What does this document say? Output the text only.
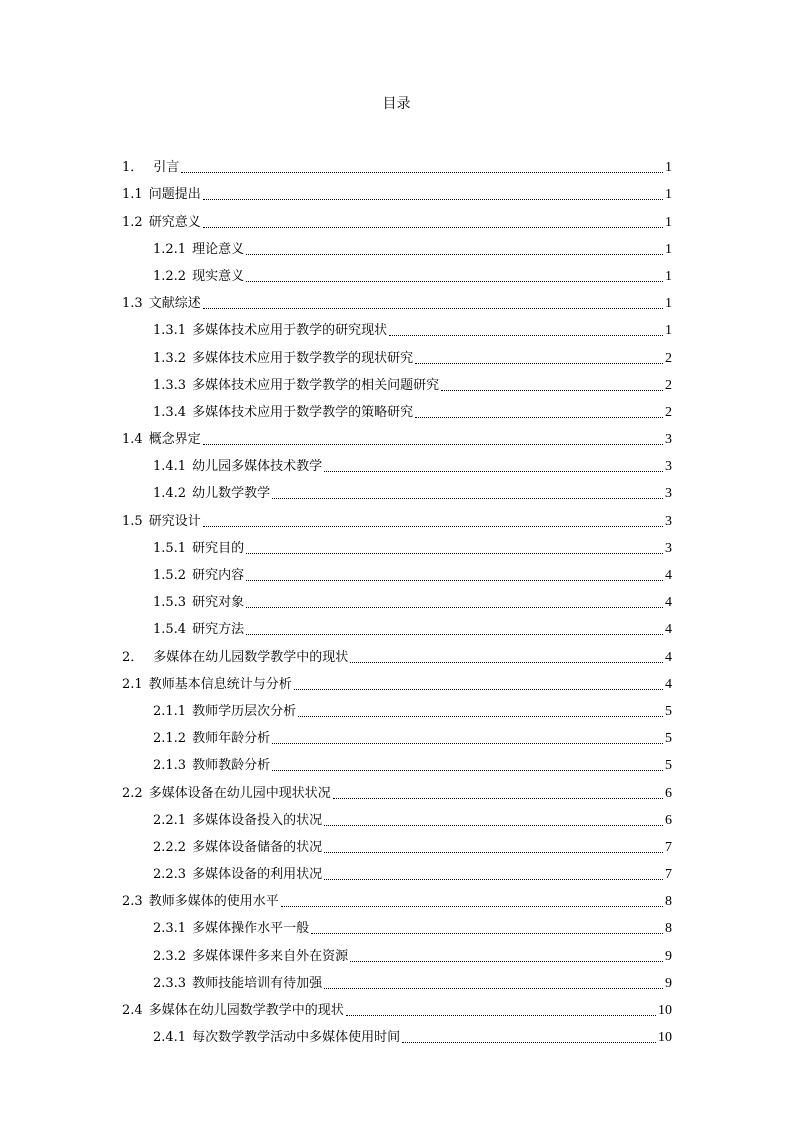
目录
1． 引言	1
1.1 问题提出	1
1.2 研究意义	1
1.2.1 理论意义	1
1.2.2 现实意义	1
1.3 文献综述	1
1.3.1 多媒体技术应用于教学的研究现状	1
1.3.2 多媒体技术应用于数学教学的现状研究	2
1.3.3 多媒体技术应用于数学教学的相关问题研究	2
1.3.4 多媒体技术应用于数学教学的策略研究	2
1.4 概念界定	3
1.4.1 幼儿园多媒体技术教学	3
1.4.2 幼儿数学教学	3
1.5 研究设计	3
1.5.1 研究目的	3
1.5.2 研究内容	4
1.5.3 研究对象	4
1.5.4 研究方法	4
2． 多媒体在幼儿园数学教学中的现状	4
2.1 教师基本信息统计与分析	4
2.1.1 教师学历层次分析	5
2.1.2 教师年龄分析	5
2.1.3 教师教龄分析	5
2.2 多媒体设备在幼儿园中现状状况	6
2.2.1 多媒体设备投入的状况	6
2.2.2 多媒体设备储备的状况	7
2.2.3 多媒体设备的利用状况	7
2.3 教师多媒体的使用水平	8
2.3.1 多媒体操作水平一般	8
2.3.2 多媒体课件多来自外在资源	9
2.3.3 教师技能培训有待加强	9
2.4 多媒体在幼儿园数学教学中的现状	10
2.4.1 每次数学教学活动中多媒体使用时间	10
